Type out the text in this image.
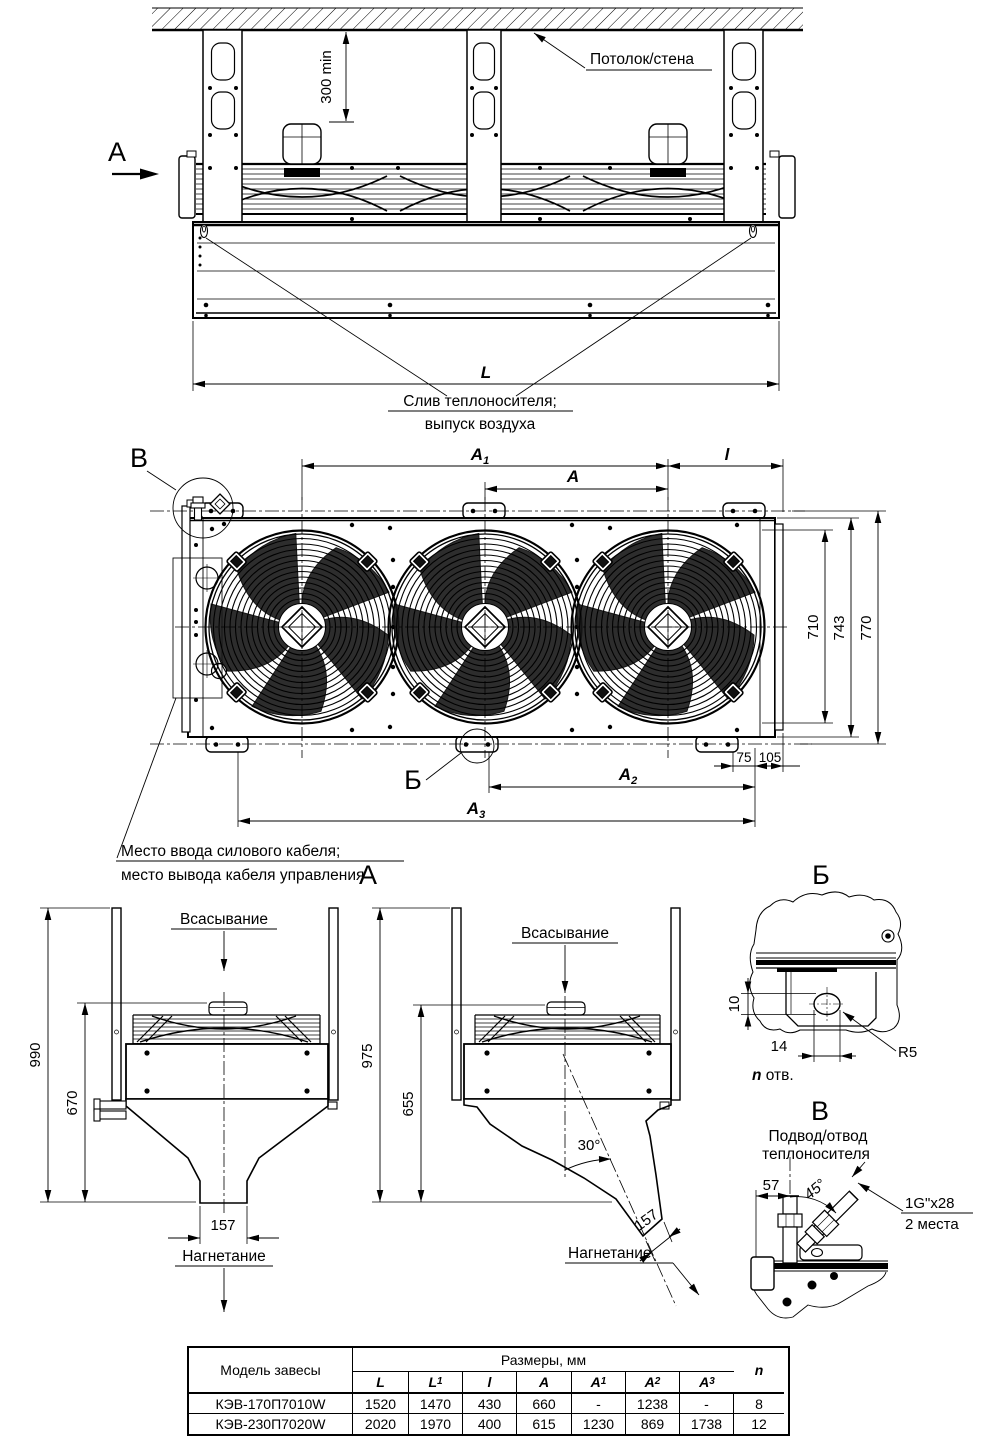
Потолок/стена
300 min
А
L
Слив теплоносителя;
выпуск воздуха
В	$A_1$
A
l
710 743 770
75 105
$A_2$
$A_3$
Б
Место ввода силового кабеля;
место вывода кабеля управления
А
Всасывание
990
670
157
Нагнетание
Всасывание
975
655
30°
157
Нагнетание
Б
10
14
n отв.
R5
В
Подвод/отвод
теплоносителя
57 45°
1G"x28
2 места
Модель завесы
Размеры, мм
n
L	L 1	l	A	A 1	A 2	A 3
КЭВ-170П7010W	1520	1470	430	660	-	1238	-	8
КЭВ-230П7020W	2020	1970	400	615	1230	869	1738	12
